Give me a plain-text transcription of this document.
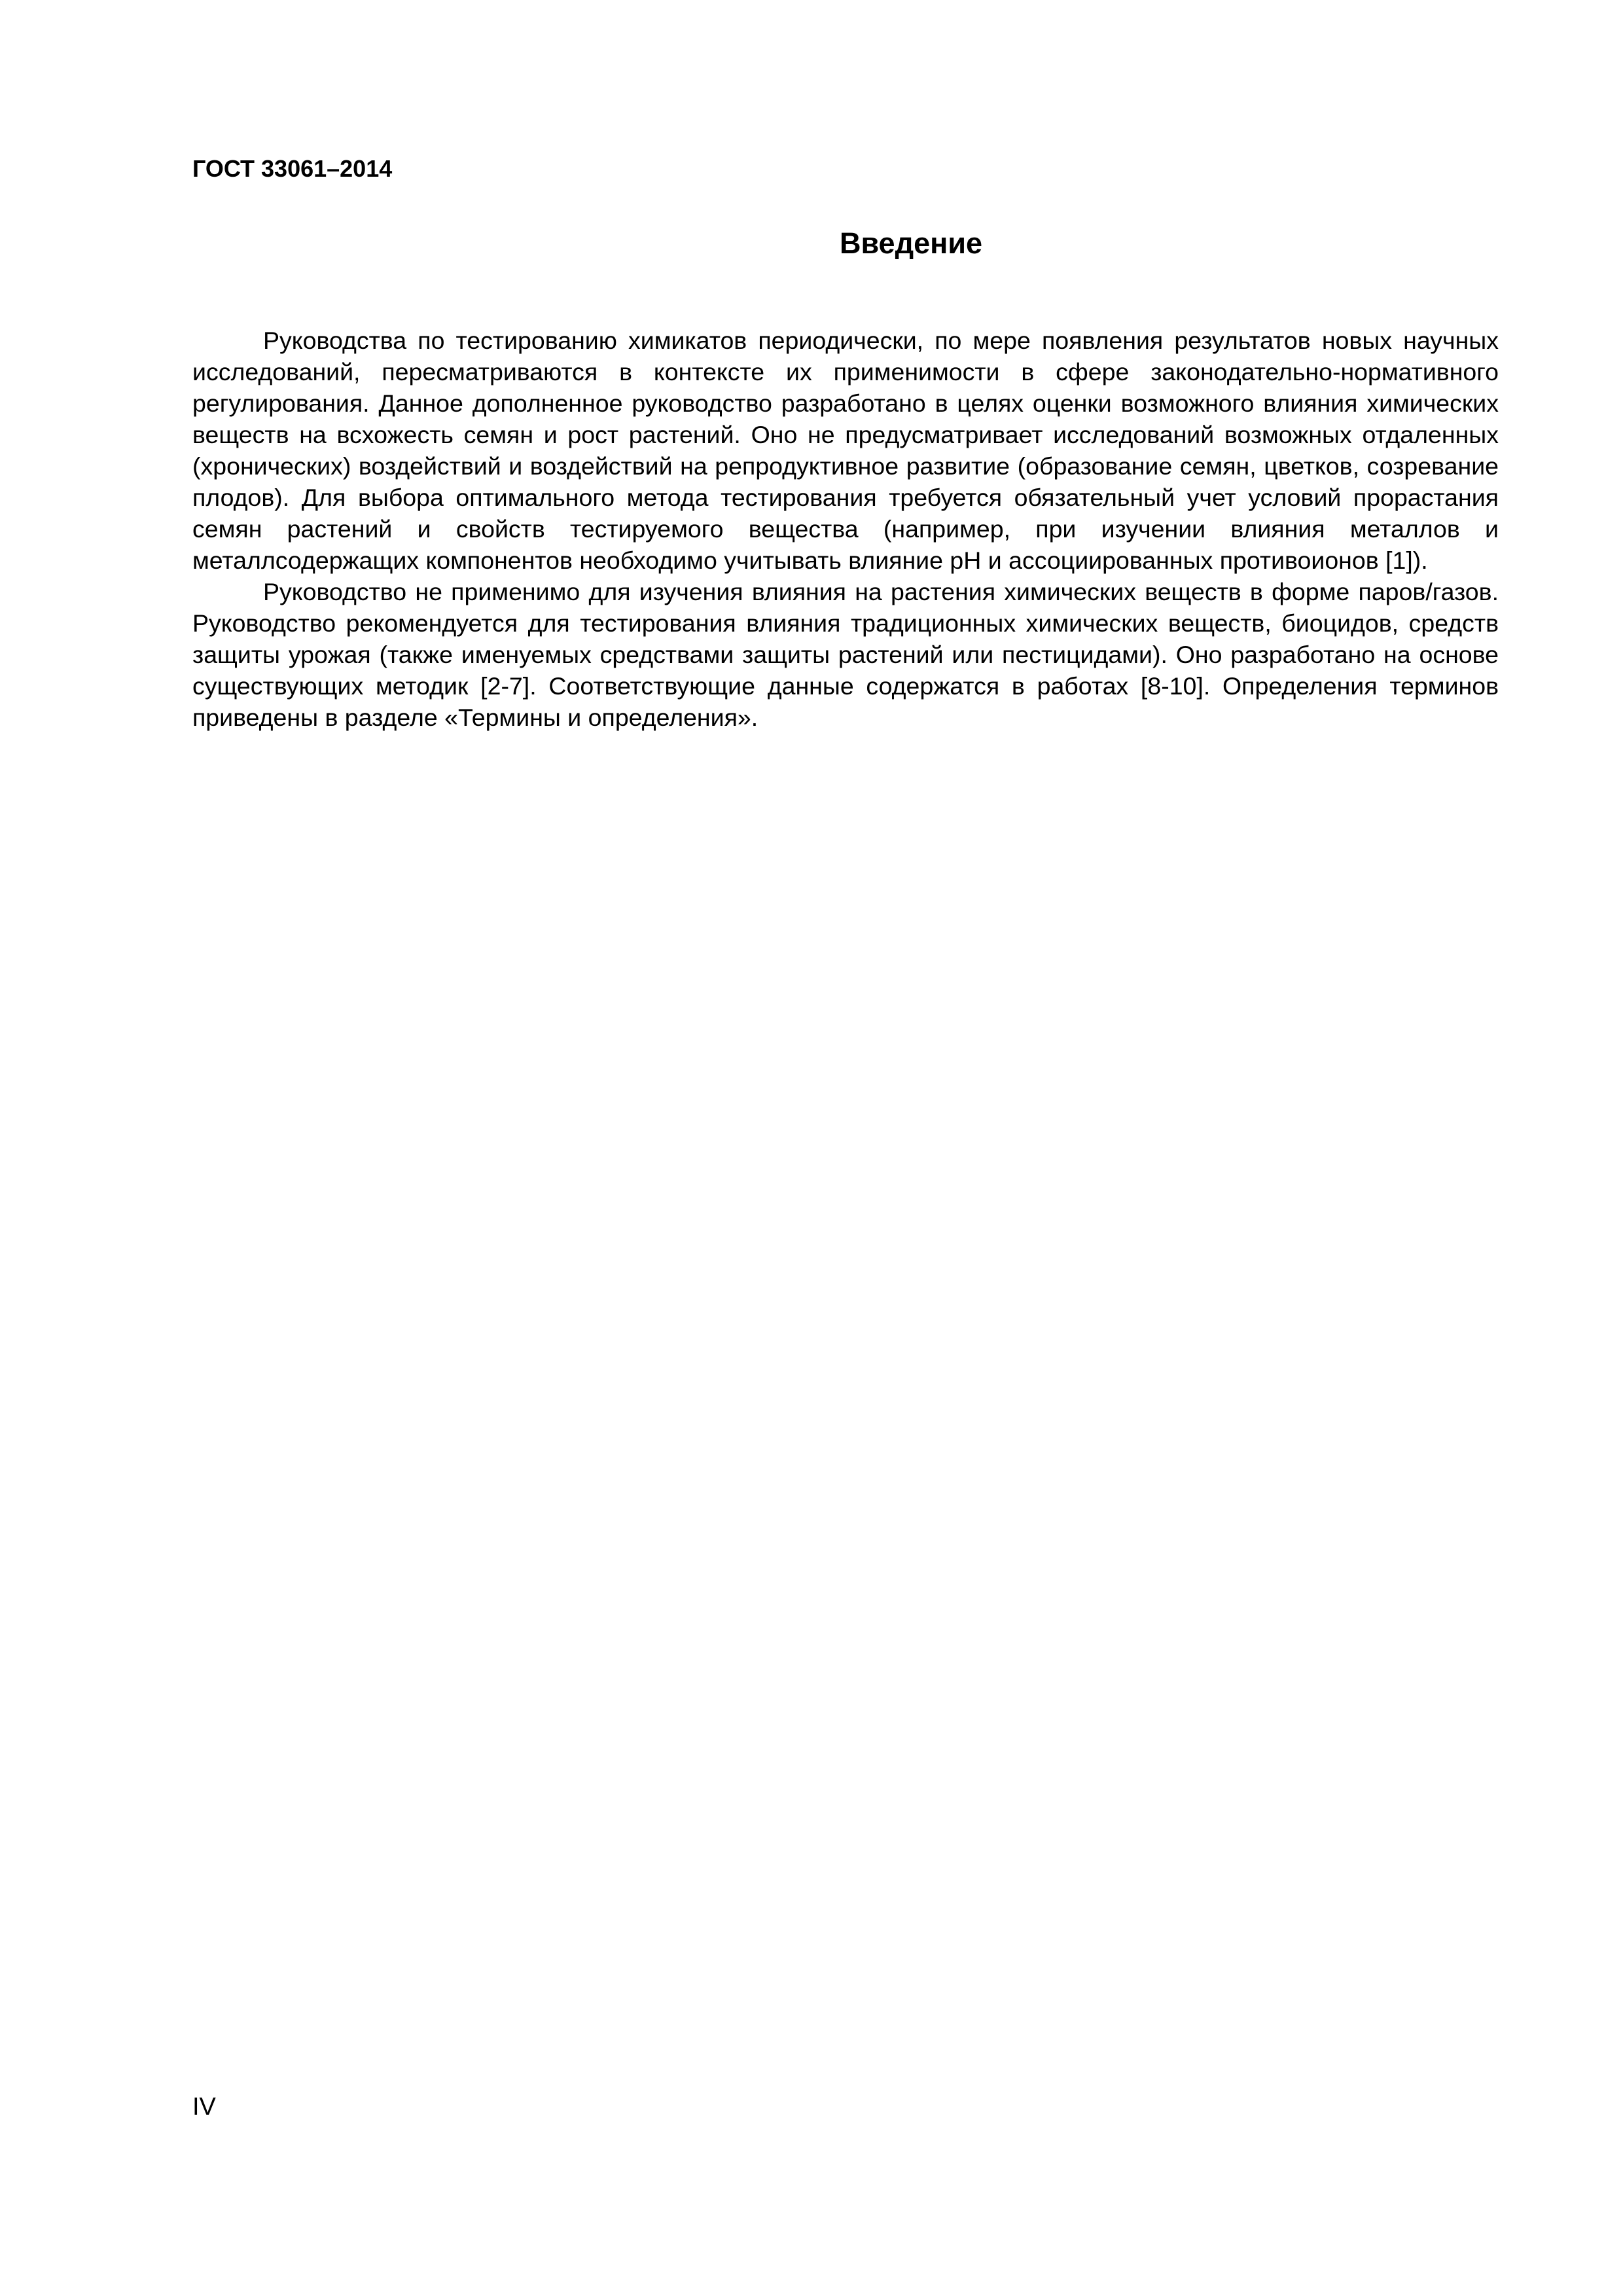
ГОСТ 33061–2014
Введение

Руководства по тестированию химикатов периодически, по мере появления результатов новых научных исследований, пересматриваются в контексте их применимости в сфере законодательно-нормативного регулирования. Данное дополненное руководство разработано в целях оценки возможного влияния химических веществ на всхожесть семян и рост растений. Оно не предусматривает исследований возможных отдаленных (хронических) воздействий и воздействий на репродуктивное развитие (образование семян, цветков, созревание плодов). Для выбора оптимального метода тестирования требуется обязательный учет условий прорастания семян растений и свойств тестируемого вещества (например, при изучении влияния металлов и металлсодержащих компонентов необходимо учитывать влияние pH и ассоциированных противоионов [1]).

Руководство не применимо для изучения влияния на растения химических веществ в форме паров/газов. Руководство рекомендуется для тестирования влияния традиционных химических веществ, биоцидов, средств защиты урожая (также именуемых средствами защиты растений или пестицидами). Оно разработано на основе существующих методик [2-7]. Соответствующие данные содержатся в работах [8-10]. Определения терминов приведены в разделе «Термины и определения».

IV
